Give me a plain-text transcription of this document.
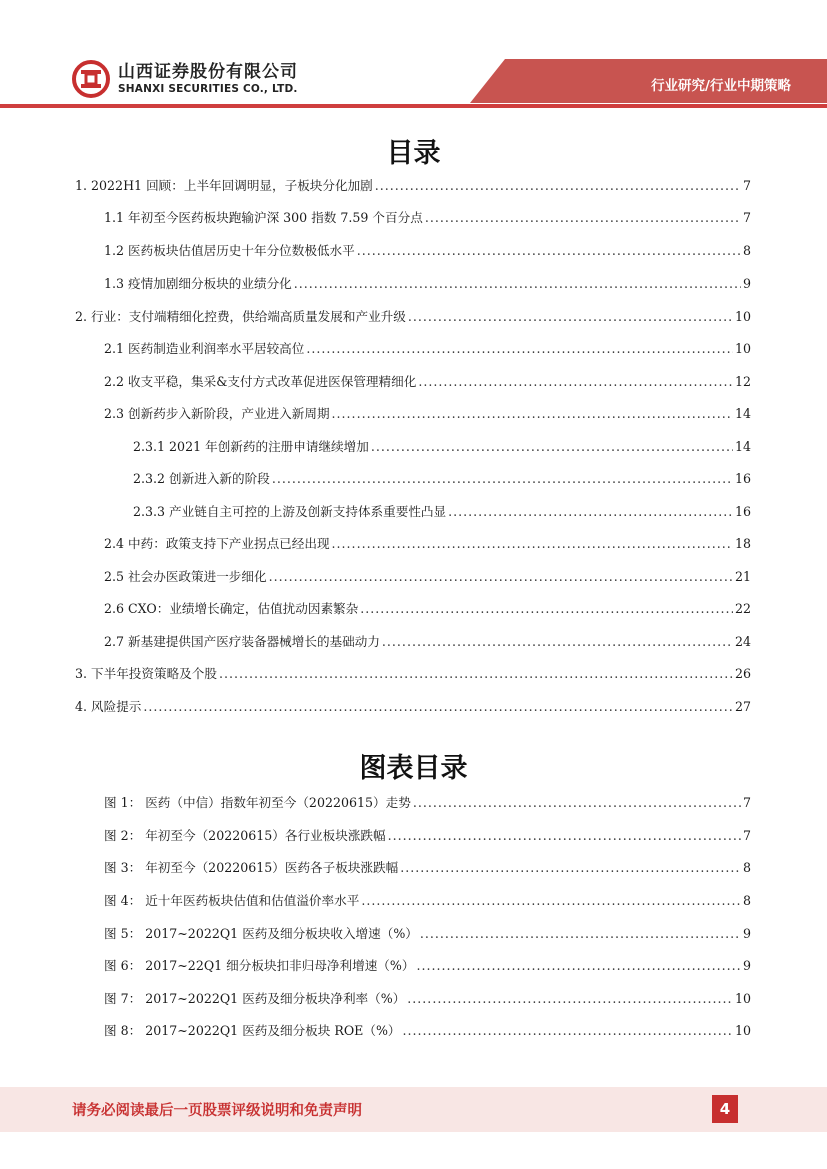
山西证券股份有限公司
SHANXI SECURITIES CO., LTD.	行业研究/行业中期策略
目录
1. 2022H1 回顾：上半年回调明显，子板块分化加剧 .....	7
1.1 年初至今医药板块跑输沪深 300 指数 7.59 个百分点 .....	7
1.2 医药板块估值居历史十年分位数极低水平 .....	8
1.3 疫情加剧细分板块的业绩分化 .....	9
2. 行业：支付端精细化控费，供给端高质量发展和产业升级 .....	10
2.1 医药制造业利润率水平居较高位 .....	10
2.2 收支平稳，集采&支付方式改革促进医保管理精细化 .....	12
2.3 创新药步入新阶段，产业进入新周期 .....	14
2.3.1 2021 年创新药的注册申请继续增加 .....	14
2.3.2 创新进入新的阶段 .....	16
2.3.3 产业链自主可控的上游及创新支持体系重要性凸显 .....	16
2.4 中药：政策支持下产业拐点已经出现 .....	18
2.5 社会办医政策进一步细化 .....	21
2.6 CXO：业绩增长确定，估值扰动因素繁杂 .....	22
2.7 新基建提供国产医疗装备器械增长的基础动力 .....	24
3. 下半年投资策略及个股 .....	26
4. 风险提示 .....	27
图表目录
图 1： 医药（中信）指数年初至今（20220615）走势 .....	7
图 2： 年初至今（20220615）各行业板块涨跌幅 .....	7
图 3： 年初至今（20220615）医药各子板块涨跌幅 .....	8
图 4： 近十年医药板块估值和估值溢价率水平 .....	8
图 5： 2017~2022Q1 医药及细分板块收入增速（%） .....	9
图 6： 2017~22Q1 细分板块扣非归母净利增速（%） .....	9
图 7： 2017~2022Q1 医药及细分板块净利率（%） .....	10
图 8： 2017~2022Q1 医药及细分板块 ROE（%） .....	10
请务必阅读最后一页股票评级说明和免责声明	4
